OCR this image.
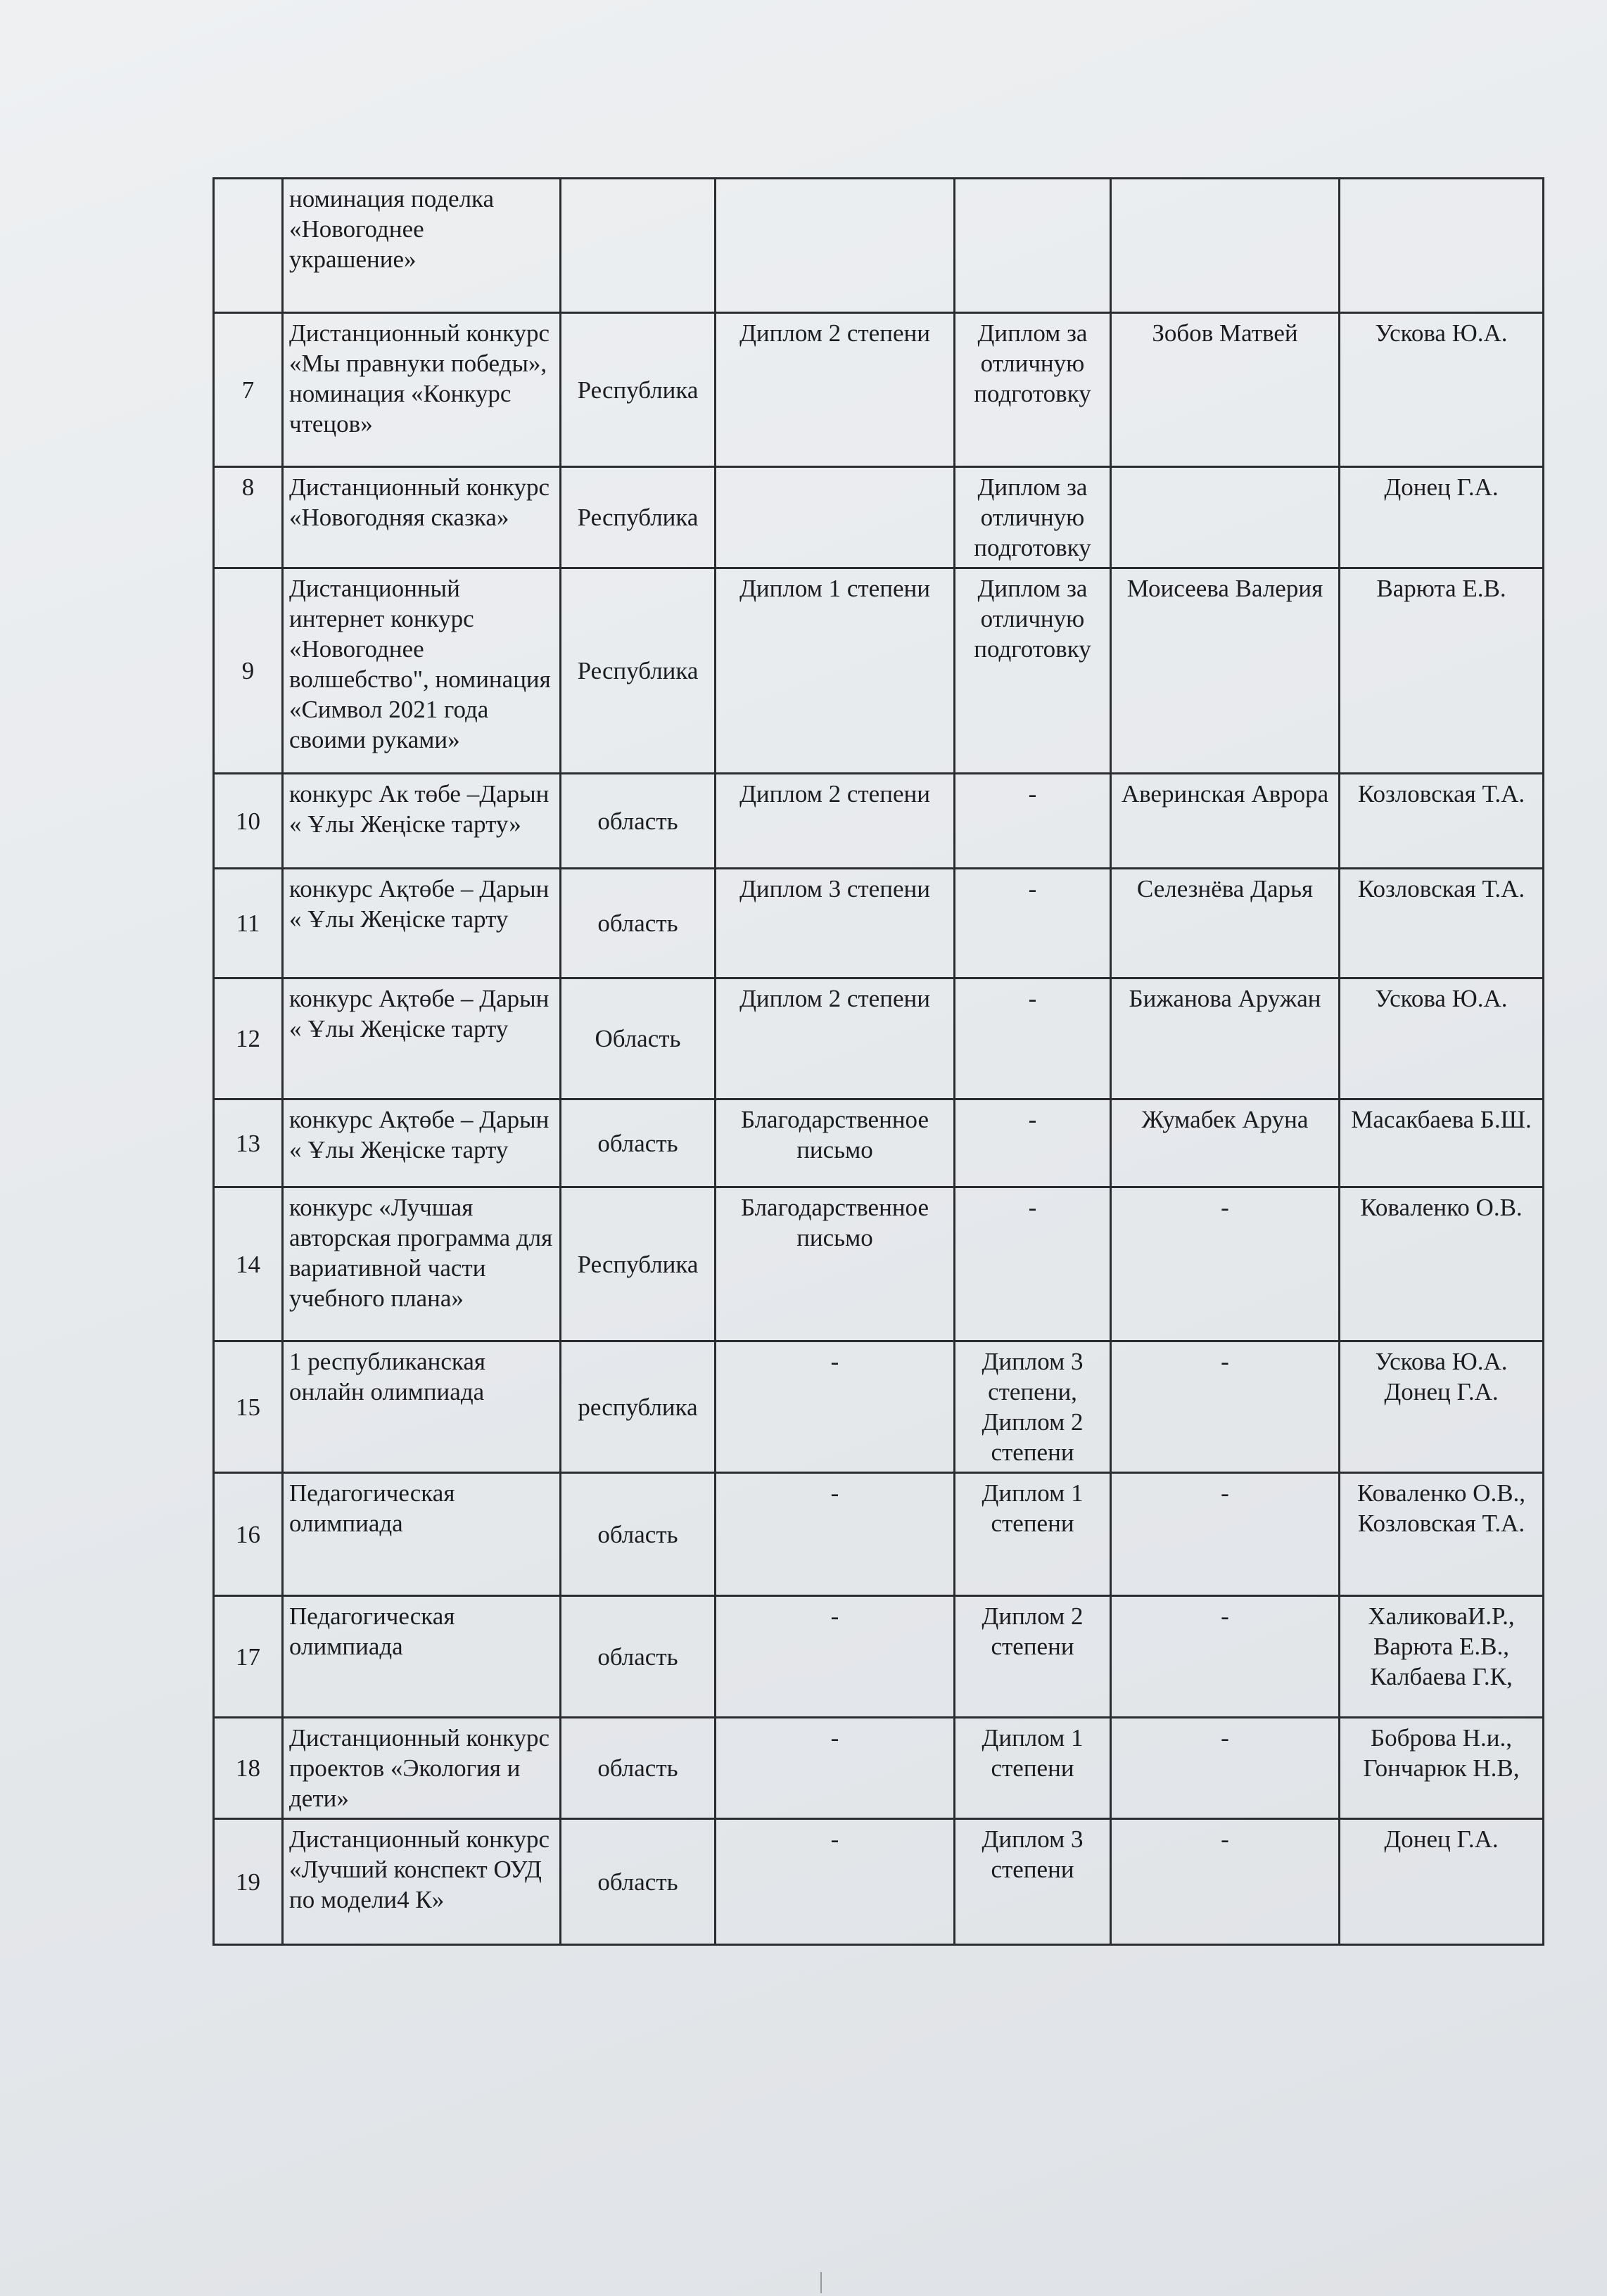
	номинация поделка «Новогоднее украшение»					
7	Дистанционный конкурс «Мы правнуки победы», номинация «Конкурс чтецов»	Республика	Диплом 2 степени	Диплом за отличную подготовку	Зобов Матвей	Ускова Ю.А.
8	Дистанционный конкурс «Новогодняя сказка»	Республика		Диплом за отличную подготовку		Донец Г.А.
9	Дистанционный интернет конкурс «Новогоднее волшебство", номинация «Символ 2021 года своими руками»	Республика	Диплом 1 степени	Диплом за отличную подготовку	Моисеева Валерия	Варюта Е.В.
10	конкурс Ак төбе –Дарын « Ұлы Жеңіске тарту»	область	Диплом 2 степени	-	Аверинская Аврора	Козловская Т.А.
11	конкурс Ақтөбе – Дарын « Ұлы Жеңіске тарту	область	Диплом 3 степени	-	Селезнёва Дарья	Козловская Т.А.
12	конкурс Ақтөбе – Дарын « Ұлы Жеңіске тарту	Область	Диплом 2 степени	-	Бижанова Аружан	Ускова Ю.А.
13	конкурс Ақтөбе – Дарын « Ұлы Жеңіске тарту	область	Благодарственное письмо	-	Жумабек Аруна	Масакбаева Б.Ш.
14	конкурс «Лучшая авторская программа для вариативной части учебного плана»	Республика	Благодарственное письмо	-	-	Коваленко О.В.
15	1 республиканская онлайн олимпиада	республика	-	Диплом 3 степени, Диплом 2 степени	-	Ускова Ю.А. Донец Г.А.
16	Педагогическая олимпиада	область	-	Диплом 1 степени	-	Коваленко О.В., Козловская Т.А.
17	Педагогическая олимпиада	область	-	Диплом 2 степени	-	ХаликоваИ.Р., Варюта Е.В., Калбаева Г.К,
18	Дистанционный конкурс проектов «Экология и дети»	область	-	Диплом 1 степени	-	Боброва Н.и., Гончарюк Н.В,
19	Дистанционный конкурс «Лучший конспект ОУД по модели4 К»	область	-	Диплом 3 степени	-	Донец Г.А.
